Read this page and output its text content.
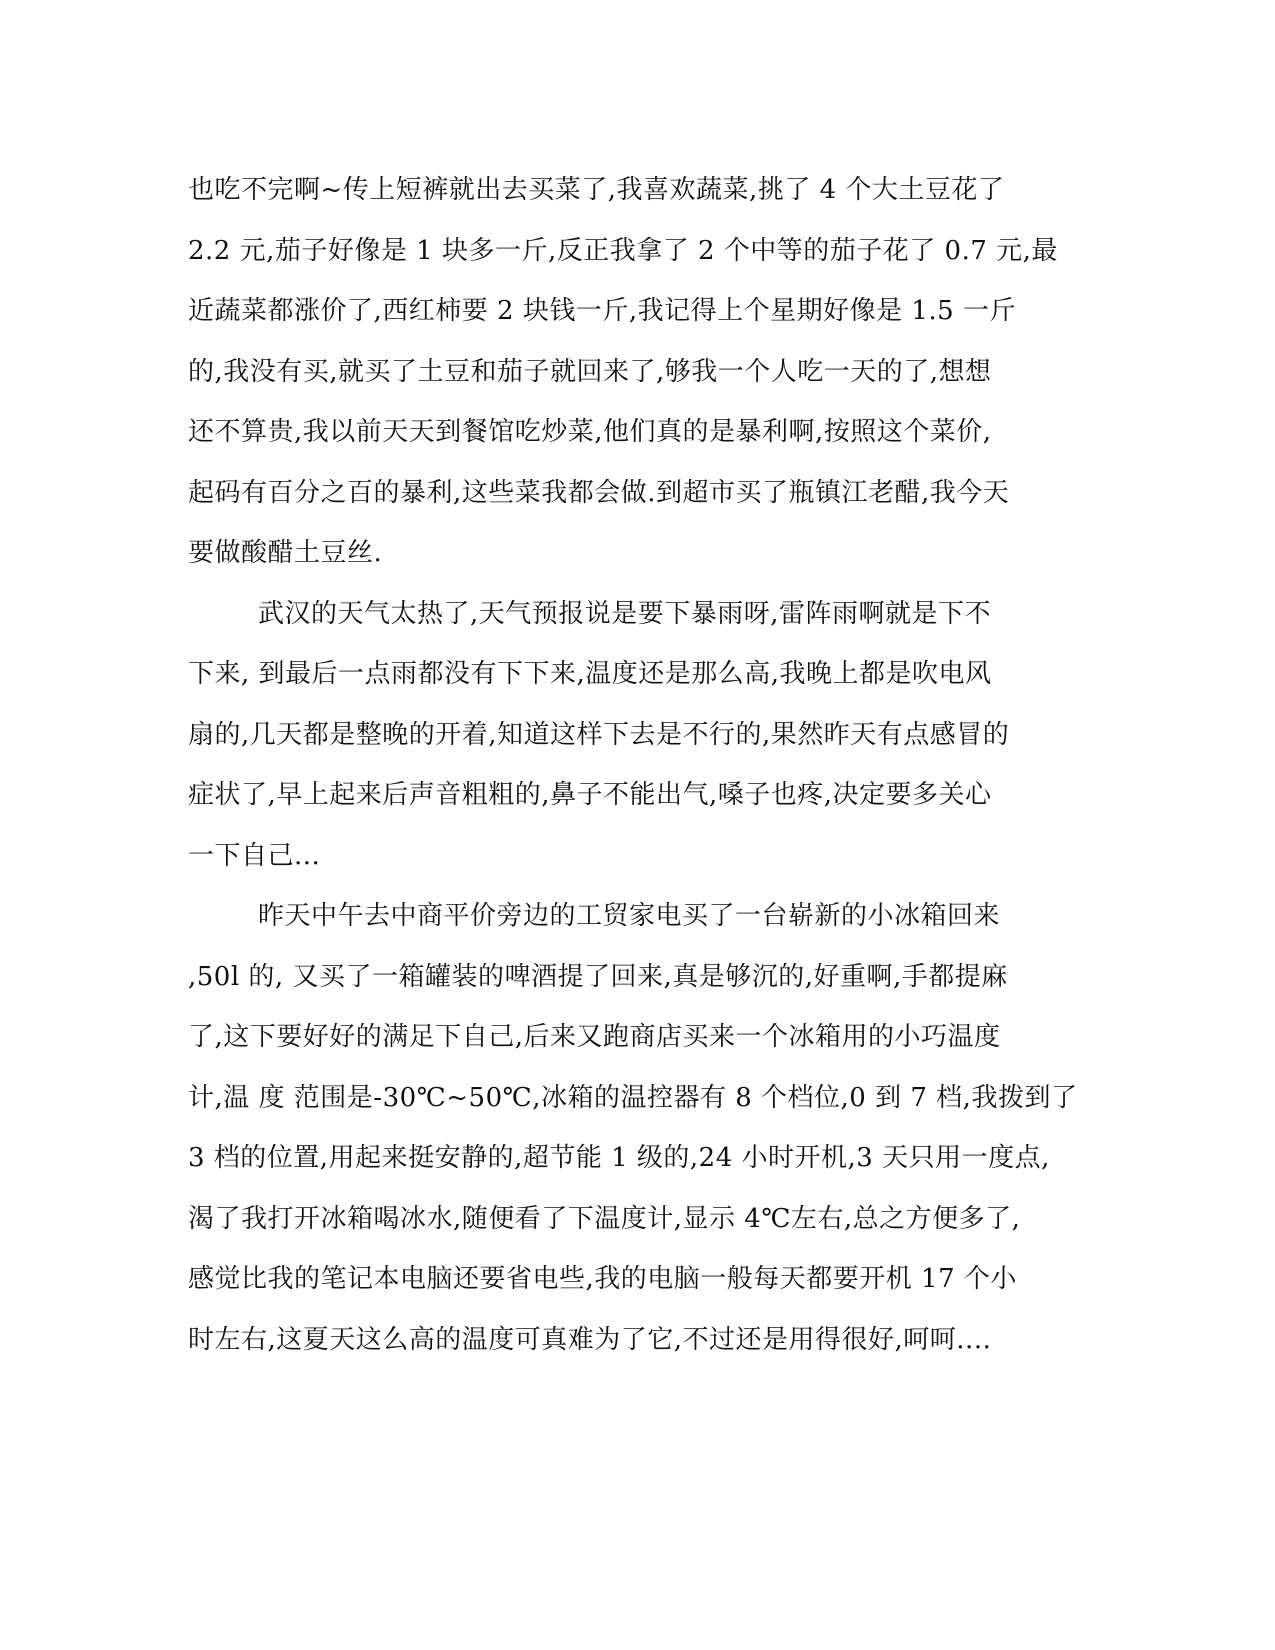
也吃不完啊~传上短裤就出去买菜了,我喜欢蔬菜,挑了 4 个大土豆花了
2.2 元,茄子好像是 1 块多一斤,反正我拿了 2 个中等的茄子花了 0.7 元,最
近蔬菜都涨价了,西红柿要 2 块钱一斤,我记得上个星期好像是 1.5 一斤
的,我没有买,就买了土豆和茄子就回来了,够我一个人吃一天的了,想想
还不算贵,我以前天天到餐馆吃炒菜,他们真的是暴利啊,按照这个菜价,
起码有百分之百的暴利,这些菜我都会做.到超市买了瓶镇江老醋,我今天
要做酸醋土豆丝.
武汉的天气太热了,天气预报说是要下暴雨呀,雷阵雨啊就是下不
下来, 到最后一点雨都没有下下来,温度还是那么高,我晚上都是吹电风
扇的,几天都是整晚的开着,知道这样下去是不行的,果然昨天有点感冒的
症状了,早上起来后声音粗粗的,鼻子不能出气,嗓子也疼,决定要多关心
一下自己...
昨天中午去中商平价旁边的工贸家电买了一台崭新的小冰箱回来
,50l 的, 又买了一箱罐装的啤酒提了回来,真是够沉的,好重啊,手都提麻
了,这下要好好的满足下自己,后来又跑商店买来一个冰箱用的小巧温度
计,温 度 范围是-30℃~50℃,冰箱的温控器有 8 个档位,0 到 7 档,我拨到了
3 档的位置,用起来挺安静的,超节能 1 级的,24 小时开机,3 天只用一度点,
渴了我打开冰箱喝冰水,随便看了下温度计,显示 4℃左右,总之方便多了,
感觉比我的笔记本电脑还要省电些,我的电脑一般每天都要开机 17 个小
时左右,这夏天这么高的温度可真难为了它,不过还是用得很好,呵呵....
